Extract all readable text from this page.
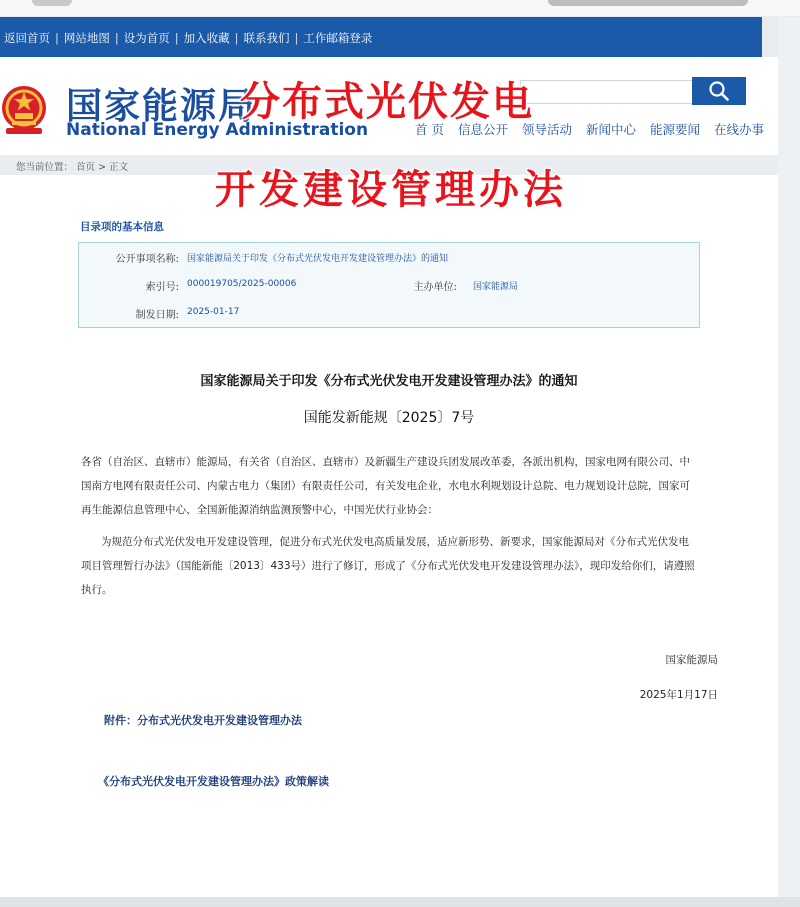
返回首页 | 网站地图 | 设为首页 | 加入收藏 | 联系我们 | 工作邮箱登录
国家能源局
National Energy Administration	首 页 信息公开 领导活动 新闻中心 能源要闻 在线办事
您当前位置： 首页 > 正文
分布式光伏发电
开发建设管理办法
目录项的基本信息
公开事项名称: 国家能源局关于印发《分布式光伏发电开发建设管理办法》的通知
索引号: 000019705/2025-00006	主办单位: 国家能源局
制发日期: 2025-01-17
国家能源局关于印发《分布式光伏发电开发建设管理办法》的通知
国能发新能规〔2025〕7号
各省（自治区、直辖市）能源局，有关省（自治区、直辖市）及新疆生产建设兵团发展改革委，各派出机构，国家电网有限公司、中国南方电网有限责任公司、内蒙古电力（集团）有限责任公司，有关发电企业，水电水利规划设计总院、电力规划设计总院，国家可再生能源信息管理中心、全国新能源消纳监测预警中心，中国光伏行业协会：
为规范分布式光伏发电开发建设管理，促进分布式光伏发电高质量发展，适应新形势、新要求，国家能源局对《分布式光伏发电项目管理暂行办法》（国能新能〔2013〕433号）进行了修订，形成了《分布式光伏发电开发建设管理办法》，现印发给你们，请遵照执行。
国家能源局
2025年1月17日
附件：分布式光伏发电开发建设管理办法
《分布式光伏发电开发建设管理办法》政策解读
